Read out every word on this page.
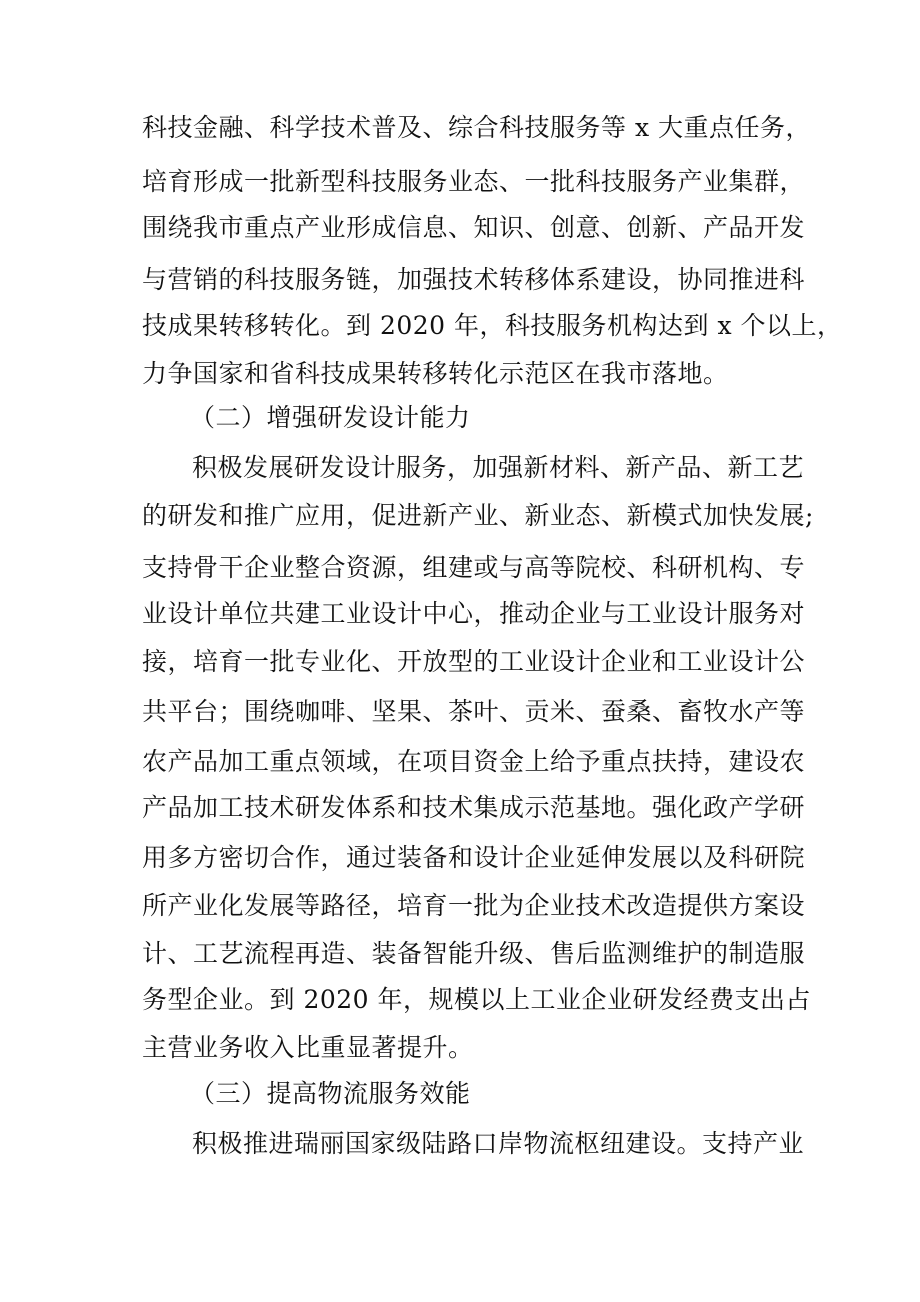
科技金融、科学技术普及、综合科技服务等 x 大重点任务，
培育形成一批新型科技服务业态、一批科技服务产业集群，
围绕我市重点产业形成信息、知识、创意、创新、产品开发
与营销的科技服务链，加强技术转移体系建设，协同推进科
技成果转移转化。到 2020 年，科技服务机构达到 x 个以上，
力争国家和省科技成果转移转化示范区在我市落地。
（二）增强研发设计能力
积极发展研发设计服务，加强新材料、新产品、新工艺
的研发和推广应用，促进新产业、新业态、新模式加快发展;
支持骨干企业整合资源，组建或与高等院校、科研机构、专
业设计单位共建工业设计中心，推动企业与工业设计服务对
接，培育一批专业化、开放型的工业设计企业和工业设计公
共平台；围绕咖啡、坚果、茶叶、贡米、蚕桑、畜牧水产等
农产品加工重点领域，在项目资金上给予重点扶持，建设农
产品加工技术研发体系和技术集成示范基地。强化政产学研
用多方密切合作，通过装备和设计企业延伸发展以及科研院
所产业化发展等路径，培育一批为企业技术改造提供方案设
计、工艺流程再造、装备智能升级、售后监测维护的制造服
务型企业。到 2020 年，规模以上工业企业研发经费支出占
主营业务收入比重显著提升。
（三）提高物流服务效能
积极推进瑞丽国家级陆路口岸物流枢纽建设。支持产业
